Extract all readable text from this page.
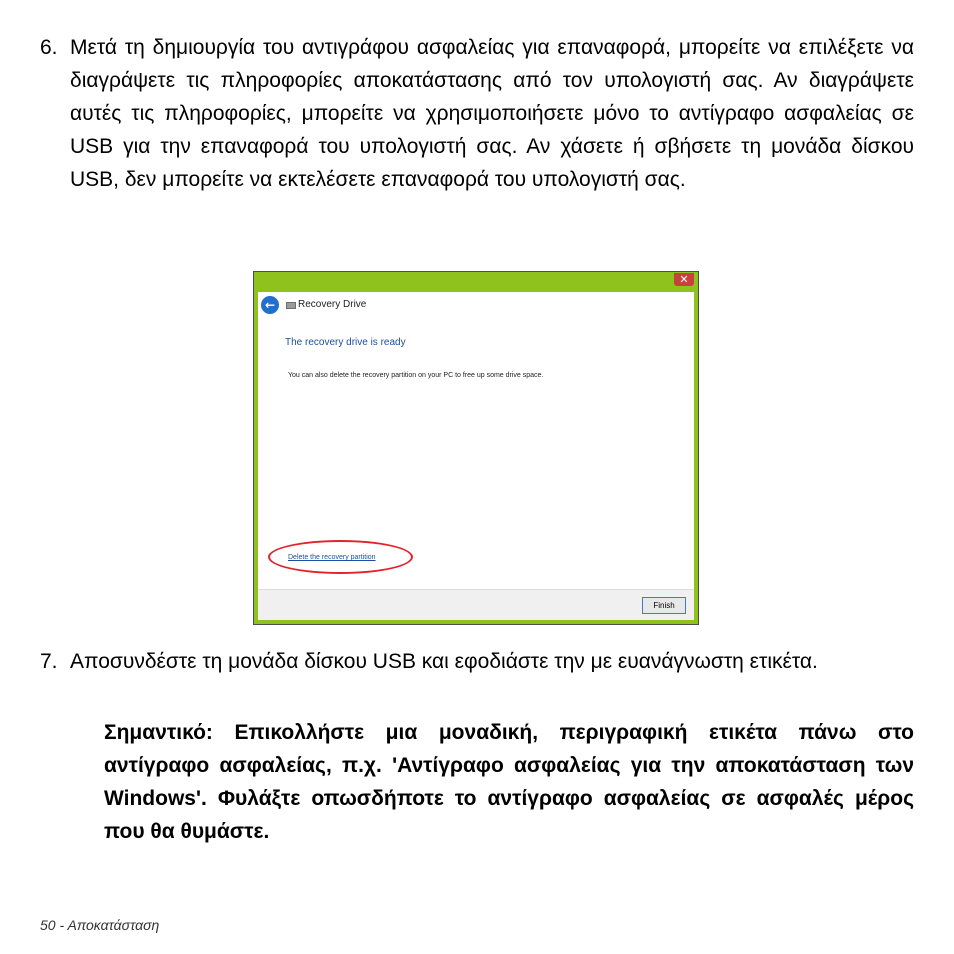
6. Μετά τη δημιουργία του αντιγράφου ασφαλείας για επαναφορά, μπορείτε να επιλέξετε να διαγράψετε τις πληροφορίες αποκατάστασης από τον υπολογιστή σας. Αν διαγράψετε αυτές τις πληροφορίες, μπορείτε να χρησιμοποιήσετε μόνο το αντίγραφο ασφαλείας σε USB για την επαναφορά του υπολογιστή σας. Αν χάσετε ή σβήσετε τη μονάδα δίσκου USB, δεν μπορείτε να εκτελέσετε επαναφορά του υπολογιστή σας.
✕
←	Recovery Drive
The recovery drive is ready
You can also delete the recovery partition on your PC to free up some drive space.
Delete the recovery partition
Finish
7. Αποσυνδέστε τη μονάδα δίσκου USB και εφοδιάστε την με ευανάγνωστη ετικέτα.
Σημαντικό: Επικολλήστε μια μοναδική, περιγραφική ετικέτα πάνω στο αντίγραφο ασφαλείας, π.χ. 'Αντίγραφο ασφαλείας για την αποκατάσταση των Windows'. Φυλάξτε οπωσδήποτε το αντίγραφο ασφαλείας σε ασφαλές μέρος που θα θυμάστε.
50 - Αποκατάσταση
